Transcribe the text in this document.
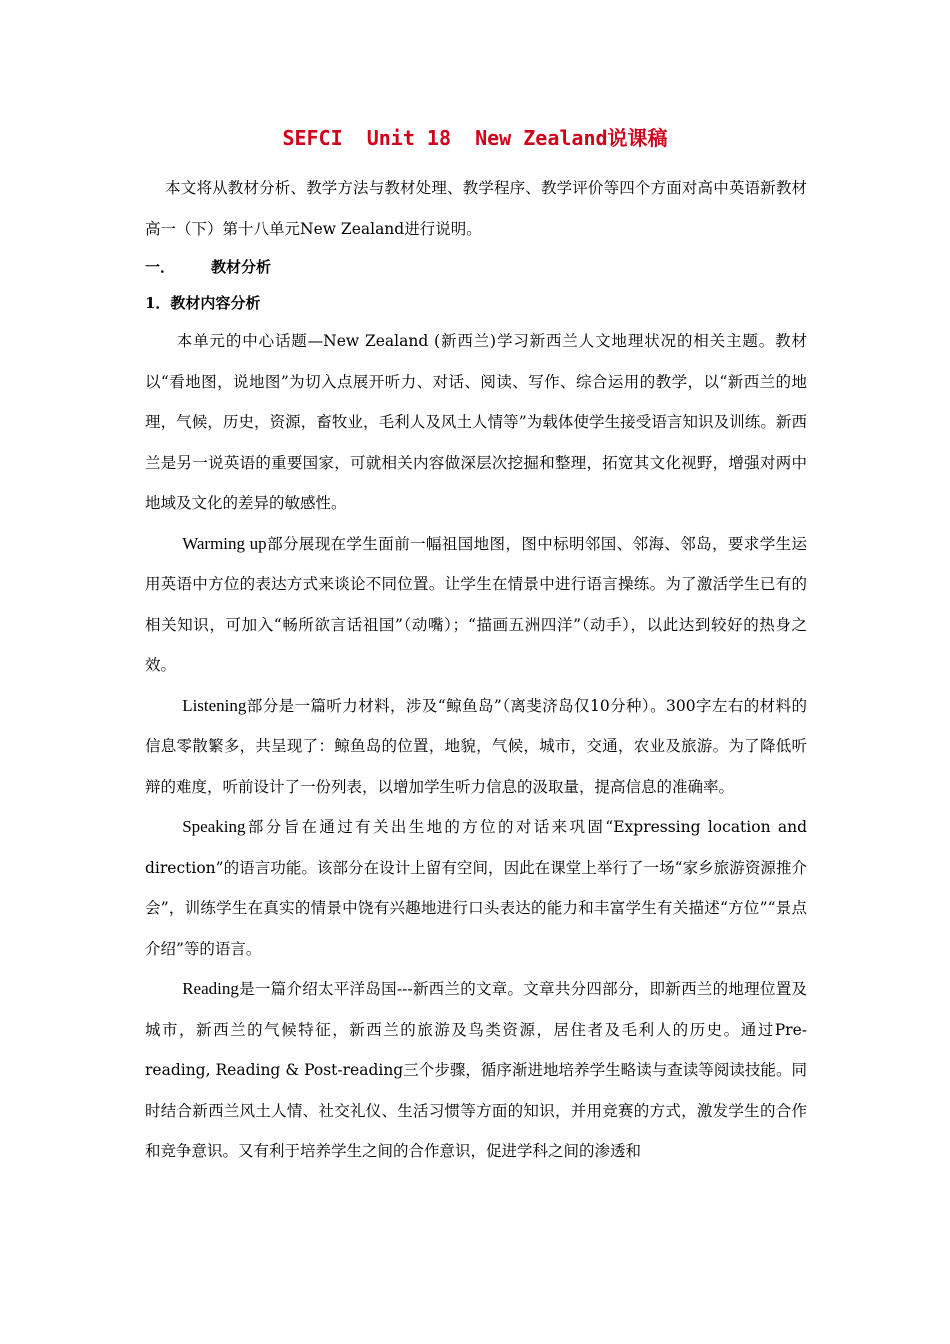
SEFCI  Unit 18  New Zealand说课稿

本文将从教材分析、教学方法与教材处理、教学程序、教学评价等四个方面对高中英语新教材高一（下）第十八单元New Zealand进行说明。

一． 教材分析
1．教材内容分析

本单元的中心话题—New Zealand (新西兰)学习新西兰人文地理状况的相关主题。教材以“看地图，说地图”为切入点展开听力、对话、阅读、写作、综合运用的教学，以“新西兰的地理，气候，历史，资源，畜牧业，毛利人及风土人情等”为载体使学生接受语言知识及训练。新西兰是另一说英语的重要国家，可就相关内容做深层次挖掘和整理，拓宽其文化视野，增强对两中地域及文化的差异的敏感性。

Warming up部分展现在学生面前一幅祖国地图，图中标明邻国、邻海、邻岛，要求学生运用英语中方位的表达方式来谈论不同位置。让学生在情景中进行语言操练。为了激活学生已有的相关知识，可加入“畅所欲言话祖国”（动嘴）；“描画五洲四洋”（动手），以此达到较好的热身之效。

Listening部分是一篇听力材料，涉及“鲸鱼岛”（离斐济岛仅10分种）。300字左右的材料的信息零散繁多，共呈现了：鲸鱼岛的位置，地貌，气候，城市，交通，农业及旅游。为了降低听辩的难度，听前设计了一份列表，以增加学生听力信息的汲取量，提高信息的准确率。

Speaking部分旨在通过有关出生地的方位的对话来巩固“Expressing location and direction”的语言功能。该部分在设计上留有空间，因此在课堂上举行了一场“家乡旅游资源推介会”，训练学生在真实的情景中饶有兴趣地进行口头表达的能力和丰富学生有关描述“方位”“景点介绍”等的语言。

Reading是一篇介绍太平洋岛国---新西兰的文章。文章共分四部分，即新西兰的地理位置及城市，新西兰的气候特征，新西兰的旅游及鸟类资源，居住者及毛利人的历史。通过Pre-reading, Reading & Post-reading三个步骤，循序渐进地培养学生略读与查读等阅读技能。同时结合新西兰风土人情、社交礼仪、生活习惯等方面的知识，并用竞赛的方式，激发学生的合作和竞争意识。又有利于培养学生之间的合作意识，促进学科之间的渗透和
